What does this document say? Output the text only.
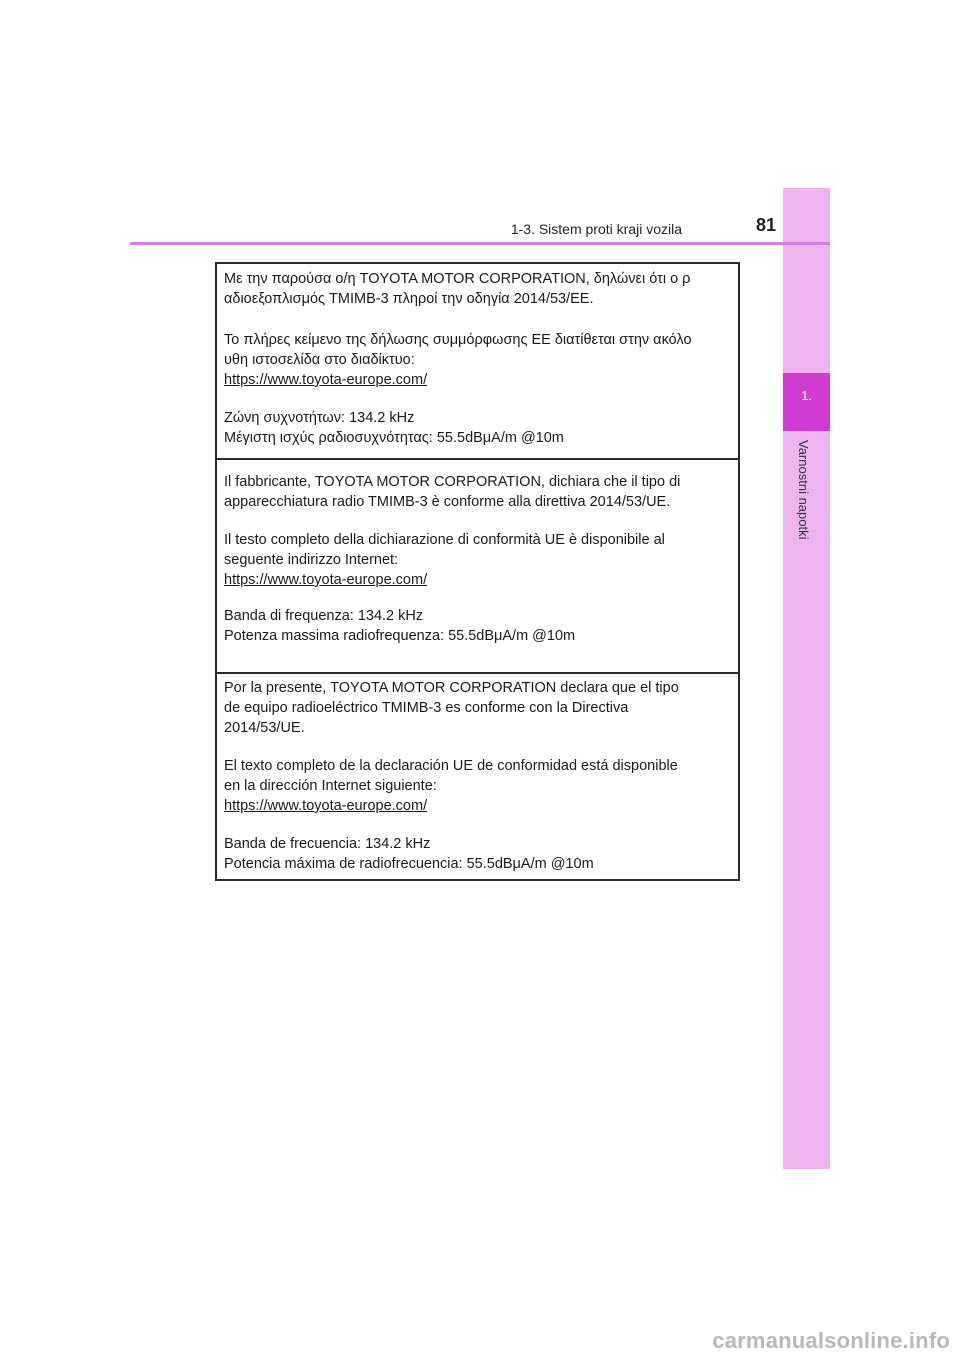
1.
Varnostni napotki
1-3. Sistem proti kraji vozila	81
Με την παρούσα ο/η TOYOTA MOTOR CORPORATION, δηλώνει ότι ο ρ
αδιοεξοπλισμός TMIMB-3 πληροί την οδηγία 2014/53/EE.
Το πλήρες κείμενο της δήλωσης συμμόρφωσης ΕΕ διατίθεται στην ακόλο
υθη ιστοσελίδα στο διαδίκτυο:
https://www.toyota-europe.com/
Ζώνη συχνοτήτων: 134.2 kHz
Μέγιστη ισχύς ραδιοσυχνότητας: 55.5dBμA/m @10m
Il fabbricante, TOYOTA MOTOR CORPORATION, dichiara che il tipo di
apparecchiatura radio TMIMB-3 è conforme alla direttiva 2014/53/UE.
Il testo completo della dichiarazione di conformità UE è disponibile al
seguente indirizzo Internet:
https://www.toyota-europe.com/
Banda di frequenza: 134.2 kHz
Potenza massima radiofrequenza: 55.5dBμA/m @10m
Por la presente, TOYOTA MOTOR CORPORATION declara que el tipo
de equipo radioeléctrico TMIMB-3 es conforme con la Directiva
2014/53/UE.
El texto completo de la declaración UE de conformidad está disponible
en la dirección Internet siguiente:
https://www.toyota-europe.com/
Banda de frecuencia: 134.2 kHz
Potencia máxima de radiofrecuencia: 55.5dBμA/m @10m
carmanualsonline.info
